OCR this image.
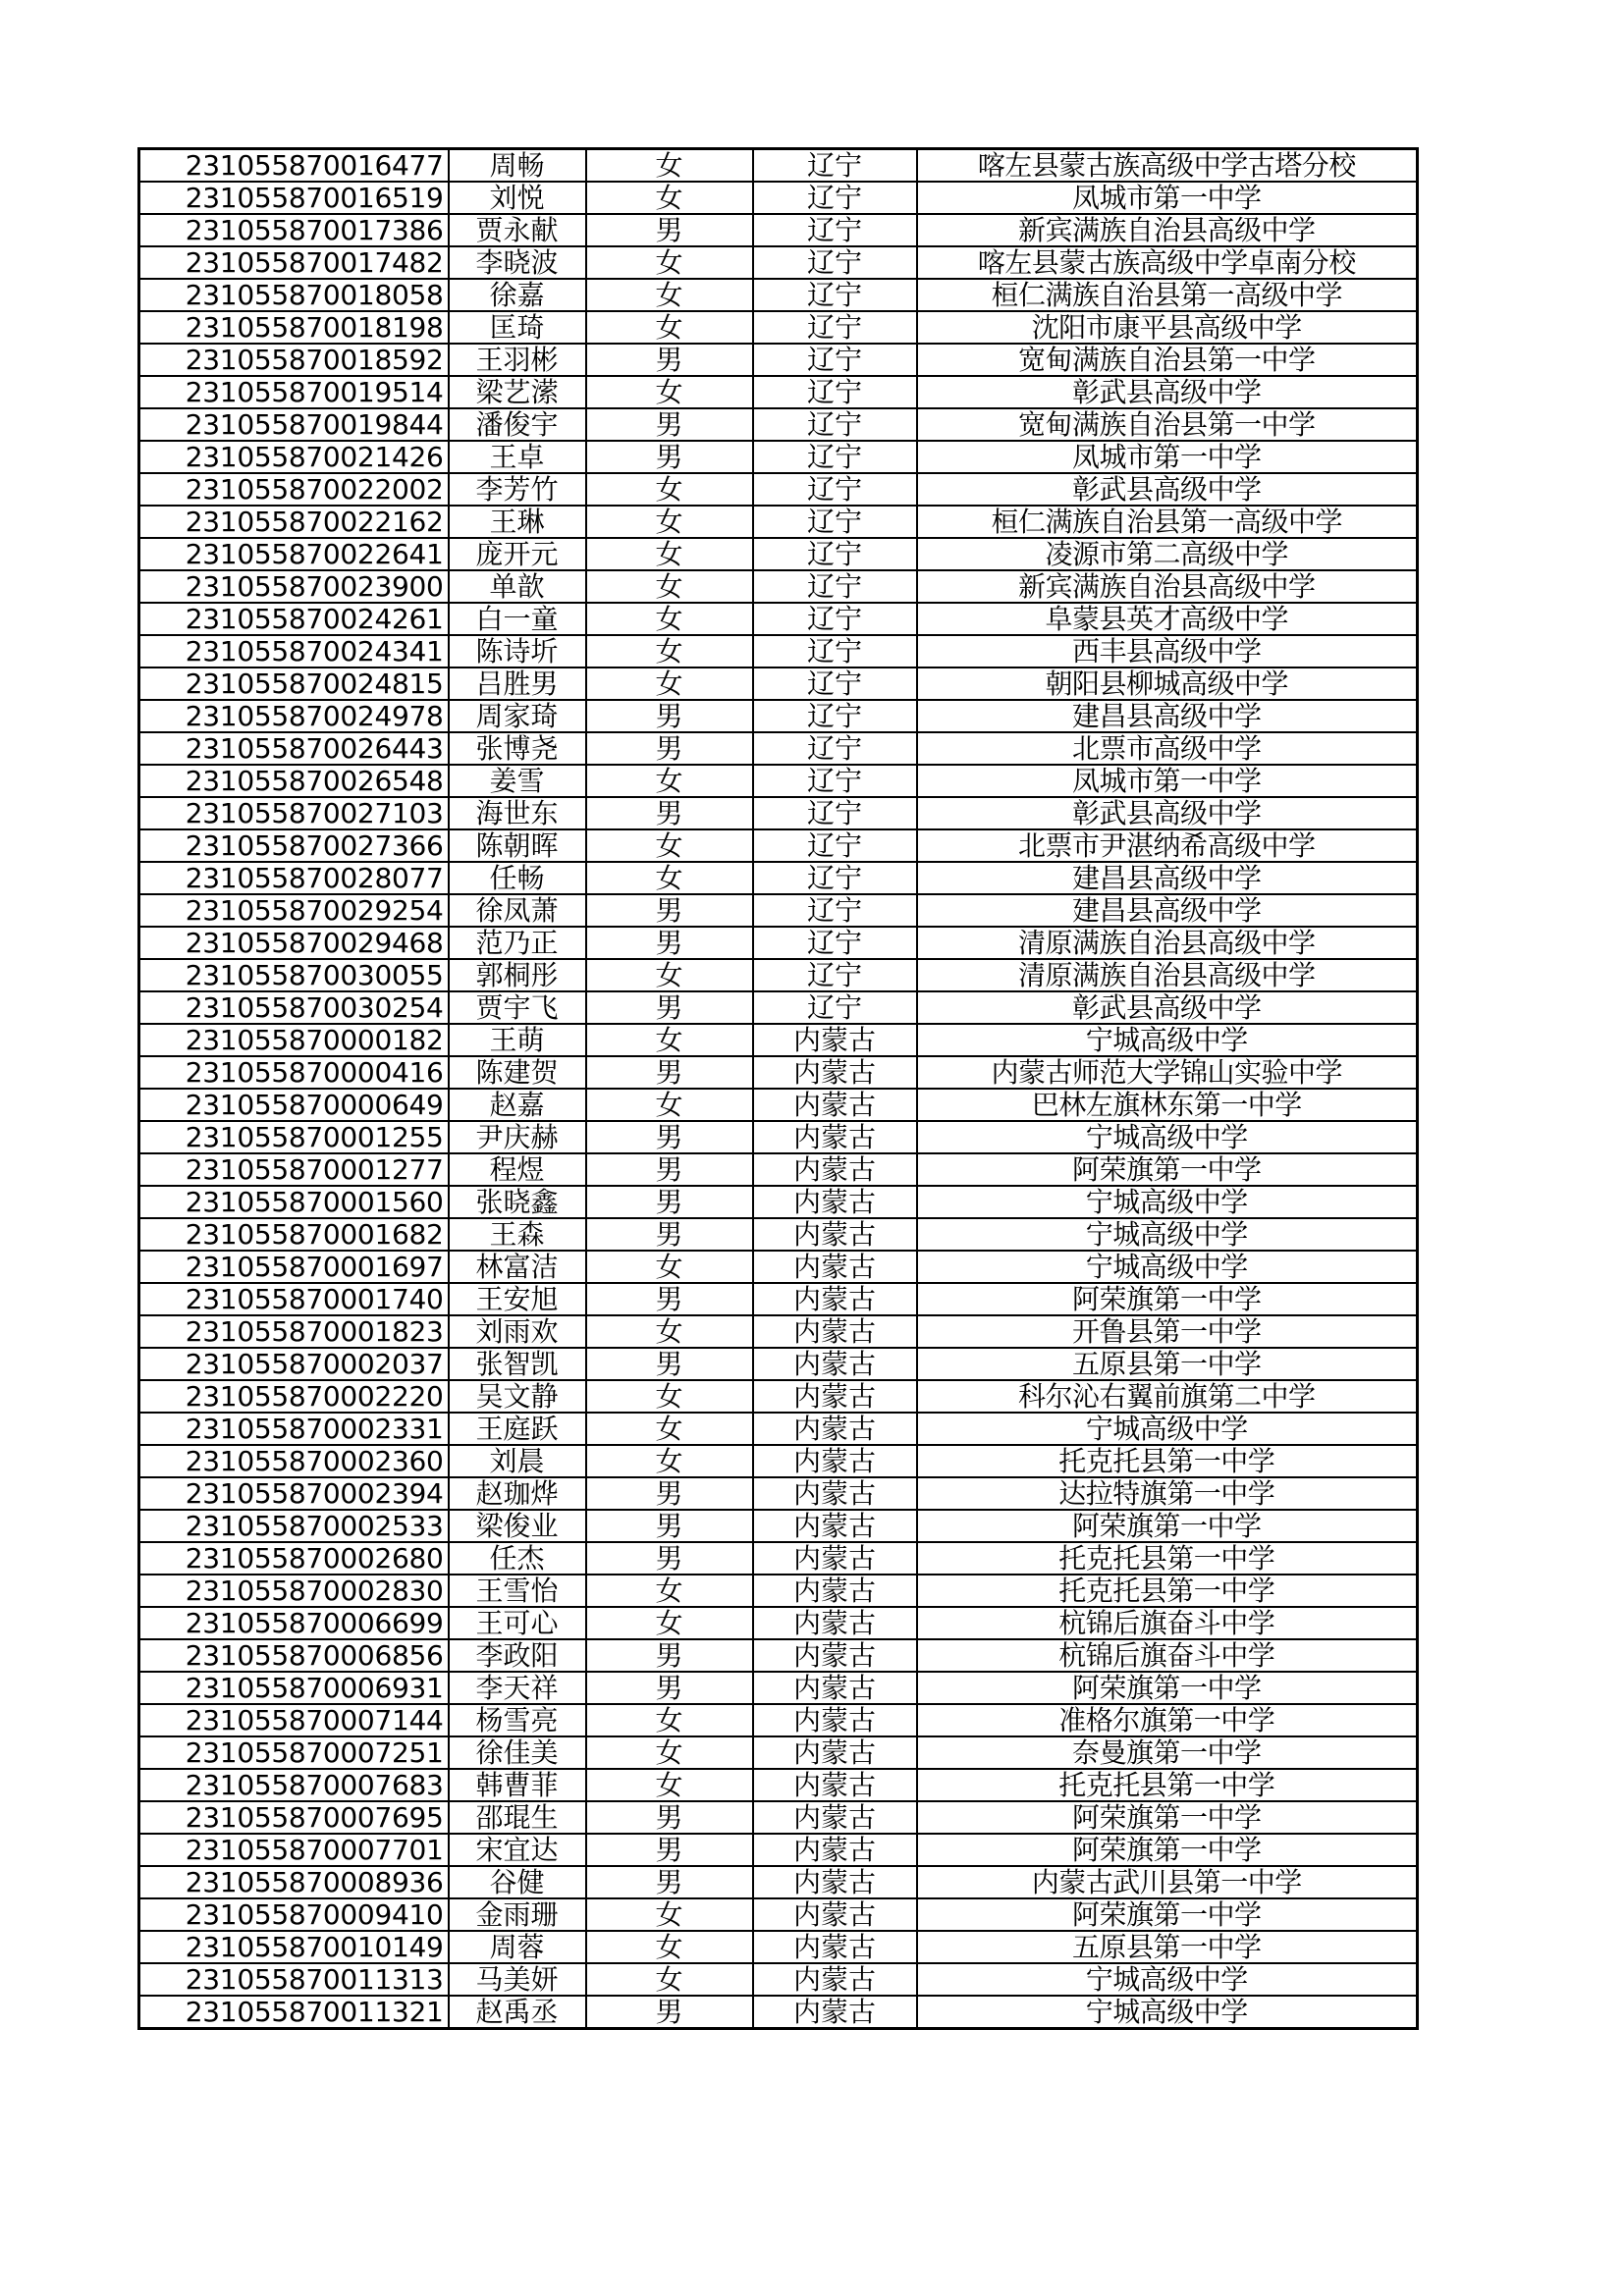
231055870016477	周畅	女	辽宁	喀左县蒙古族高级中学古塔分校
231055870016519	刘悦	女	辽宁	凤城市第一中学
231055870017386	贾永献	男	辽宁	新宾满族自治县高级中学
231055870017482	李晓波	女	辽宁	喀左县蒙古族高级中学卓南分校
231055870018058	徐嘉	女	辽宁	桓仁满族自治县第一高级中学
231055870018198	匡琦	女	辽宁	沈阳市康平县高级中学
231055870018592	王羽彬	男	辽宁	宽甸满族自治县第一中学
231055870019514	梁艺潆	女	辽宁	彰武县高级中学
231055870019844	潘俊宇	男	辽宁	宽甸满族自治县第一中学
231055870021426	王卓	男	辽宁	凤城市第一中学
231055870022002	李芳竹	女	辽宁	彰武县高级中学
231055870022162	王琳	女	辽宁	桓仁满族自治县第一高级中学
231055870022641	庞开元	女	辽宁	凌源市第二高级中学
231055870023900	单歆	女	辽宁	新宾满族自治县高级中学
231055870024261	白一童	女	辽宁	阜蒙县英才高级中学
231055870024341	陈诗圻	女	辽宁	西丰县高级中学
231055870024815	吕胜男	女	辽宁	朝阳县柳城高级中学
231055870024978	周家琦	男	辽宁	建昌县高级中学
231055870026443	张博尧	男	辽宁	北票市高级中学
231055870026548	姜雪	女	辽宁	凤城市第一中学
231055870027103	海世东	男	辽宁	彰武县高级中学
231055870027366	陈朝晖	女	辽宁	北票市尹湛纳希高级中学
231055870028077	任畅	女	辽宁	建昌县高级中学
231055870029254	徐凤萧	男	辽宁	建昌县高级中学
231055870029468	范乃正	男	辽宁	清原满族自治县高级中学
231055870030055	郭桐彤	女	辽宁	清原满族自治县高级中学
231055870030254	贾宇飞	男	辽宁	彰武县高级中学
231055870000182	王萌	女	内蒙古	宁城高级中学
231055870000416	陈建贺	男	内蒙古	内蒙古师范大学锦山实验中学
231055870000649	赵嘉	女	内蒙古	巴林左旗林东第一中学
231055870001255	尹庆赫	男	内蒙古	宁城高级中学
231055870001277	程煜	男	内蒙古	阿荣旗第一中学
231055870001560	张晓鑫	男	内蒙古	宁城高级中学
231055870001682	王森	男	内蒙古	宁城高级中学
231055870001697	林富洁	女	内蒙古	宁城高级中学
231055870001740	王安旭	男	内蒙古	阿荣旗第一中学
231055870001823	刘雨欢	女	内蒙古	开鲁县第一中学
231055870002037	张智凯	男	内蒙古	五原县第一中学
231055870002220	吴文静	女	内蒙古	科尔沁右翼前旗第二中学
231055870002331	王庭跃	女	内蒙古	宁城高级中学
231055870002360	刘晨	女	内蒙古	托克托县第一中学
231055870002394	赵珈烨	男	内蒙古	达拉特旗第一中学
231055870002533	梁俊业	男	内蒙古	阿荣旗第一中学
231055870002680	任杰	男	内蒙古	托克托县第一中学
231055870002830	王雪怡	女	内蒙古	托克托县第一中学
231055870006699	王可心	女	内蒙古	杭锦后旗奋斗中学
231055870006856	李政阳	男	内蒙古	杭锦后旗奋斗中学
231055870006931	李天祥	男	内蒙古	阿荣旗第一中学
231055870007144	杨雪亮	女	内蒙古	准格尔旗第一中学
231055870007251	徐佳美	女	内蒙古	奈曼旗第一中学
231055870007683	韩曹菲	女	内蒙古	托克托县第一中学
231055870007695	邵琨生	男	内蒙古	阿荣旗第一中学
231055870007701	宋宜达	男	内蒙古	阿荣旗第一中学
231055870008936	谷健	男	内蒙古	内蒙古武川县第一中学
231055870009410	金雨珊	女	内蒙古	阿荣旗第一中学
231055870010149	周蓉	女	内蒙古	五原县第一中学
231055870011313	马美妍	女	内蒙古	宁城高级中学
231055870011321	赵禹丞	男	内蒙古	宁城高级中学
